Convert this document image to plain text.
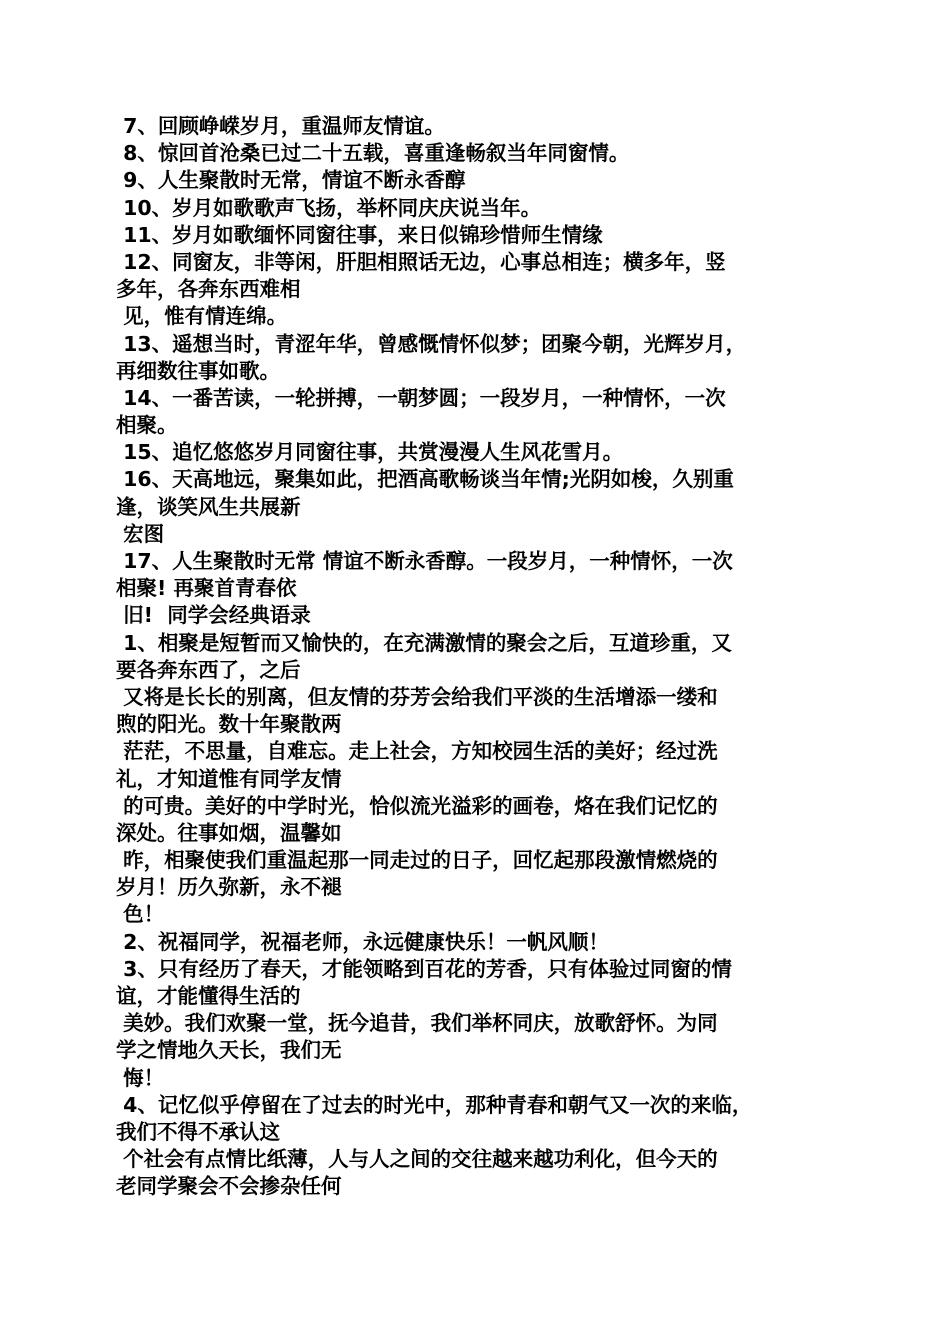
7、回顾峥嵘岁月，重温师友情谊。
8、惊回首沧桑已过二十五载，喜重逢畅叙当年同窗情。
9、人生聚散时无常，情谊不断永香醇
10、岁月如歌歌声飞扬，举杯同庆庆说当年。
11、岁月如歌缅怀同窗往事，来日似锦珍惜师生情缘
12、同窗友，非等闲，肝胆相照话无边，心事总相连；横多年，竖
多年，各奔东西难相
见，惟有情连绵。
13、遥想当时，青涩年华，曾感慨情怀似梦；团聚今朝，光辉岁月，
再细数往事如歌。
14、一番苦读，一轮拼搏，一朝梦圆；一段岁月，一种情怀，一次
相聚。
15、追忆悠悠岁月同窗往事，共赏漫漫人生风花雪月。
16、天高地远，聚集如此，把酒高歌畅谈当年情;光阴如梭，久别重
逢，谈笑风生共展新
宏图
17、人生聚散时无常 情谊不断永香醇。一段岁月，一种情怀，一次
相聚! 再聚首青春依
旧!  同学会经典语录
1、相聚是短暂而又愉快的，在充满激情的聚会之后，互道珍重，又
要各奔东西了，之后
又将是长长的别离，但友情的芬芳会给我们平淡的生活增添一缕和
煦的阳光。数十年聚散两
茫茫，不思量，自难忘。走上社会，方知校园生活的美好；经过洗
礼，才知道惟有同学友情
的可贵。美好的中学时光，恰似流光溢彩的画卷，烙在我们记忆的
深处。往事如烟，温馨如
昨，相聚使我们重温起那一同走过的日子，回忆起那段激情燃烧的
岁月！历久弥新，永不褪
色！
2、祝福同学，祝福老师，永远健康快乐！一帆风顺！
3、只有经历了春天，才能领略到百花的芳香，只有体验过同窗的情
谊，才能懂得生活的
美妙。我们欢聚一堂，抚今追昔，我们举杯同庆，放歌舒怀。为同
学之情地久天长，我们无
悔！
4、记忆似乎停留在了过去的时光中，那种青春和朝气又一次的来临，
我们不得不承认这
个社会有点情比纸薄，人与人之间的交往越来越功利化，但今天的
老同学聚会不会掺杂任何
